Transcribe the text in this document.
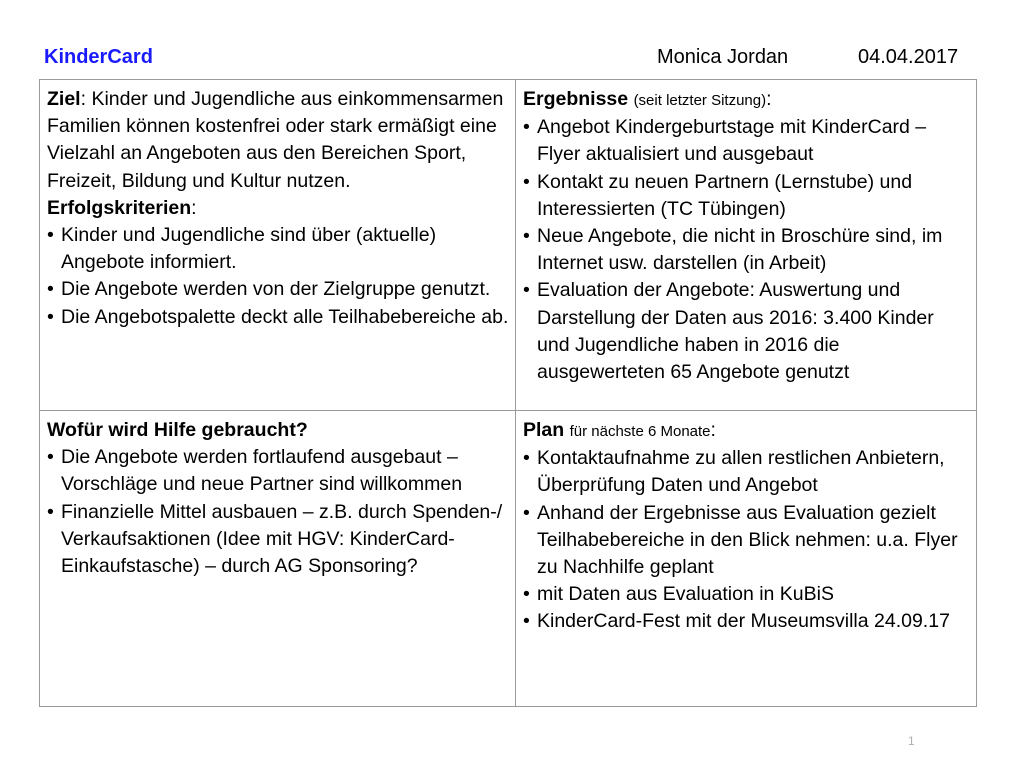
KinderCard	Monica Jordan	04.04.2017

Ziel: Kinder und Jugendliche aus einkommensarmen Familien können kostenfrei oder stark ermäßigt eine Vielzahl an Angeboten aus den Bereichen Sport, Freizeit, Bildung und Kultur nutzen.

Erfolgskriterien:

• Kinder und Jugendliche sind über (aktuelle) Angebote informiert.

• Die Angebote werden von der Zielgruppe genutzt.

• Die Angebotspalette deckt alle Teilhabebereiche ab.

Ergebnisse (seit letzter Sitzung):

• Angebot Kindergeburtstage mit KinderCard – Flyer aktualisiert und ausgebaut

• Kontakt zu neuen Partnern (Lernstube) und Interessierten (TC Tübingen)

• Neue Angebote, die nicht in Broschüre sind, im Internet usw. darstellen (in Arbeit)

• Evaluation der Angebote: Auswertung und Darstellung der Daten aus 2016: 3.400 Kinder und Jugendliche haben in 2016 die ausgewerteten 65 Angebote genutzt

Wofür wird Hilfe gebraucht?

• Die Angebote werden fortlaufend ausgebaut – Vorschläge und neue Partner sind willkommen

• Finanzielle Mittel ausbauen – z.B. durch Spenden-/ Verkaufsaktionen (Idee mit HGV: KinderCard-Einkaufstasche) – durch AG Sponsoring?

Plan für nächste 6 Monate:

• Kontaktaufnahme zu allen restlichen Anbietern, Überprüfung Daten und Angebot

• Anhand der Ergebnisse aus Evaluation gezielt Teilhabebereiche in den Blick nehmen: u.a. Flyer zu Nachhilfe geplant

• mit Daten aus Evaluation in KuBiS

• KinderCard-Fest mit der Museumsvilla 24.09.17

1
